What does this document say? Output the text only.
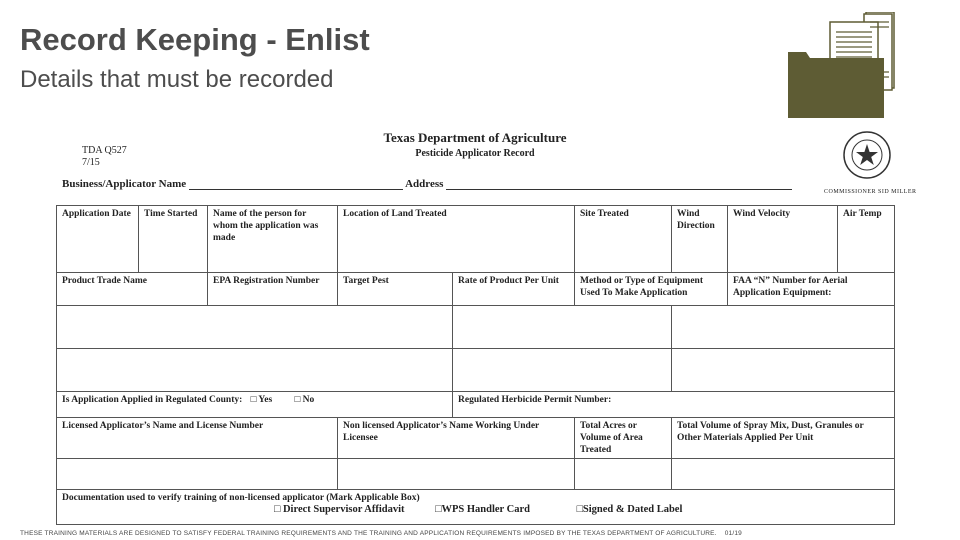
Record Keeping - Enlist
Details that must be recorded
TDA Q527
7/15
Texas Department of Agriculture
Pesticide Applicator Record
Business/Applicator Name	Address
COMMISSIONER SID MILLER
Application Date	Time Started	Name of the person for whom the application was made	Location of Land Treated		Site Treated	Wind Direction	Wind Velocity	Air Temp
Product Trade Name		EPA Registration Number	Target Pest	Rate of Product Per Unit	Method or Type of Equipment Used To Make Application		FAA “N” Number for Aerial Application Equipment:	

Is Application Applied in Regulated County: □ Yes □ No				Regulated Herbicide Permit Number:				
Licensed Applicator’s Name and License Number			Non licensed Applicator’s Name Working Under Licensee		Total Acres or Volume of Area Treated	Total Volume of Spray Mix, Dust, Granules or Other Materials Applied Per Unit		

Documentation used to verify training of non-licensed applicator (Mark Applicable Box)
□ Direct Supervisor Affidavit □WPS Handler Card □Signed & Dated Label								
THESE TRAINING MATERIALS ARE DESIGNED TO SATISFY FEDERAL TRAINING REQUIREMENTS AND THE TRAINING AND APPLICATION REQUIREMENTS IMPOSED BY THE TEXAS DEPARTMENT OF AGRICULTURE. 01/19
